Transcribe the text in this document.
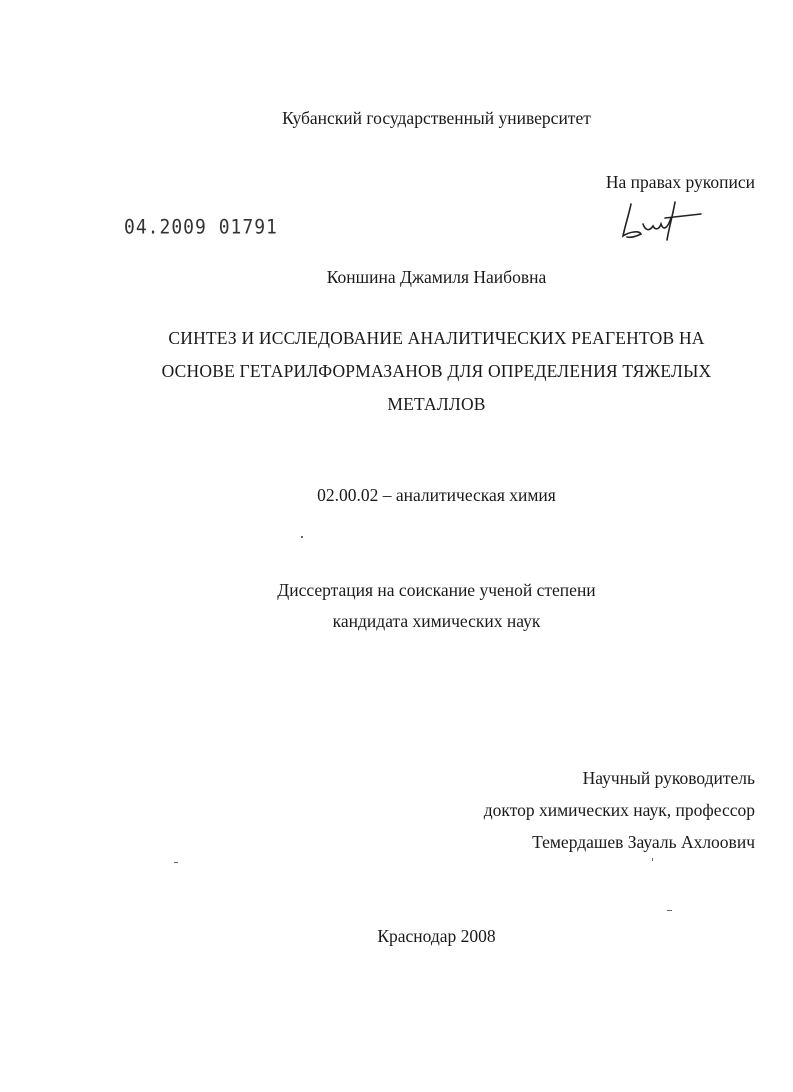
Кубанский государственный университет
На правах рукописи
04.2009 01791
Коншина Джамиля Наибовна
СИНТЕЗ И ИССЛЕДОВАНИЕ АНАЛИТИЧЕСКИХ РЕАГЕНТОВ НА
ОСНОВЕ ГЕТАРИЛФОРМАЗАНОВ ДЛЯ ОПРЕДЕЛЕНИЯ ТЯЖЕЛЫХ
МЕТАЛЛОВ
02.00.02 – аналитическая химия
Диссертация на соискание ученой степени
кандидата химических наук
Научный руководитель
доктор химических наук, профессор
Темердашев Зауаль Ахлоович
Краснодар 2008
